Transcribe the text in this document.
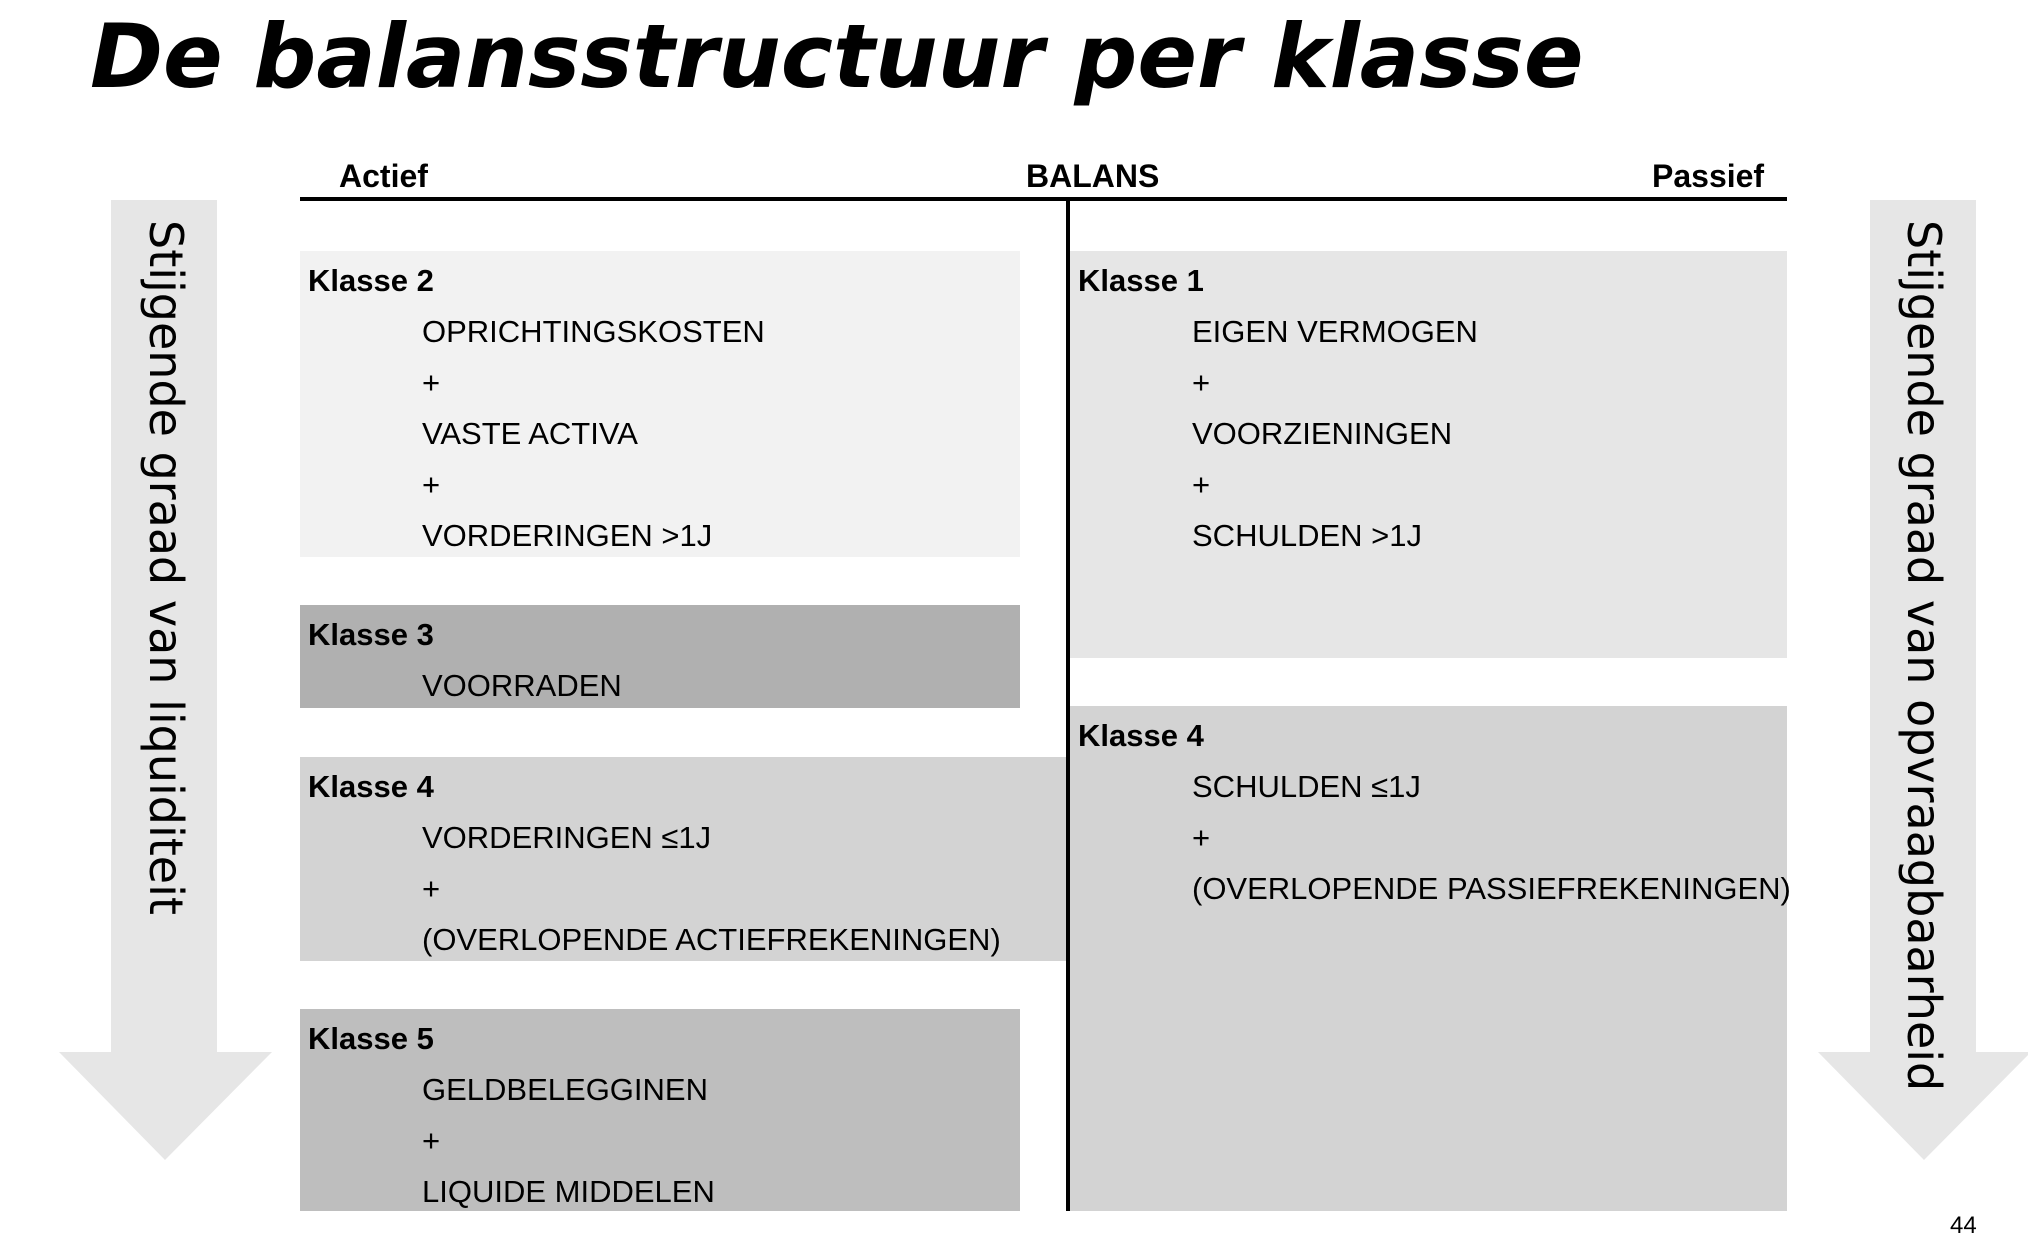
De balansstructuur per klasse
Actief	BALANS	Passief
Stijgende graad van liquiditeit	Stijgende graad van opvraagbaarheid
Klasse 2
OPRICHTINGSKOSTEN
+
VASTE ACTIVA
+
VORDERINGEN >1J
Klasse 3
VOORRADEN
Klasse 4
VORDERINGEN ≤1J
+
(OVERLOPENDE ACTIEFREKENINGEN)
Klasse 5
GELDBELEGGINEN
+
LIQUIDE MIDDELEN
Klasse 1
EIGEN VERMOGEN
+
VOORZIENINGEN
+
SCHULDEN >1J
Klasse 4
SCHULDEN ≤1J
+
(OVERLOPENDE PASSIEFREKENINGEN)
44
